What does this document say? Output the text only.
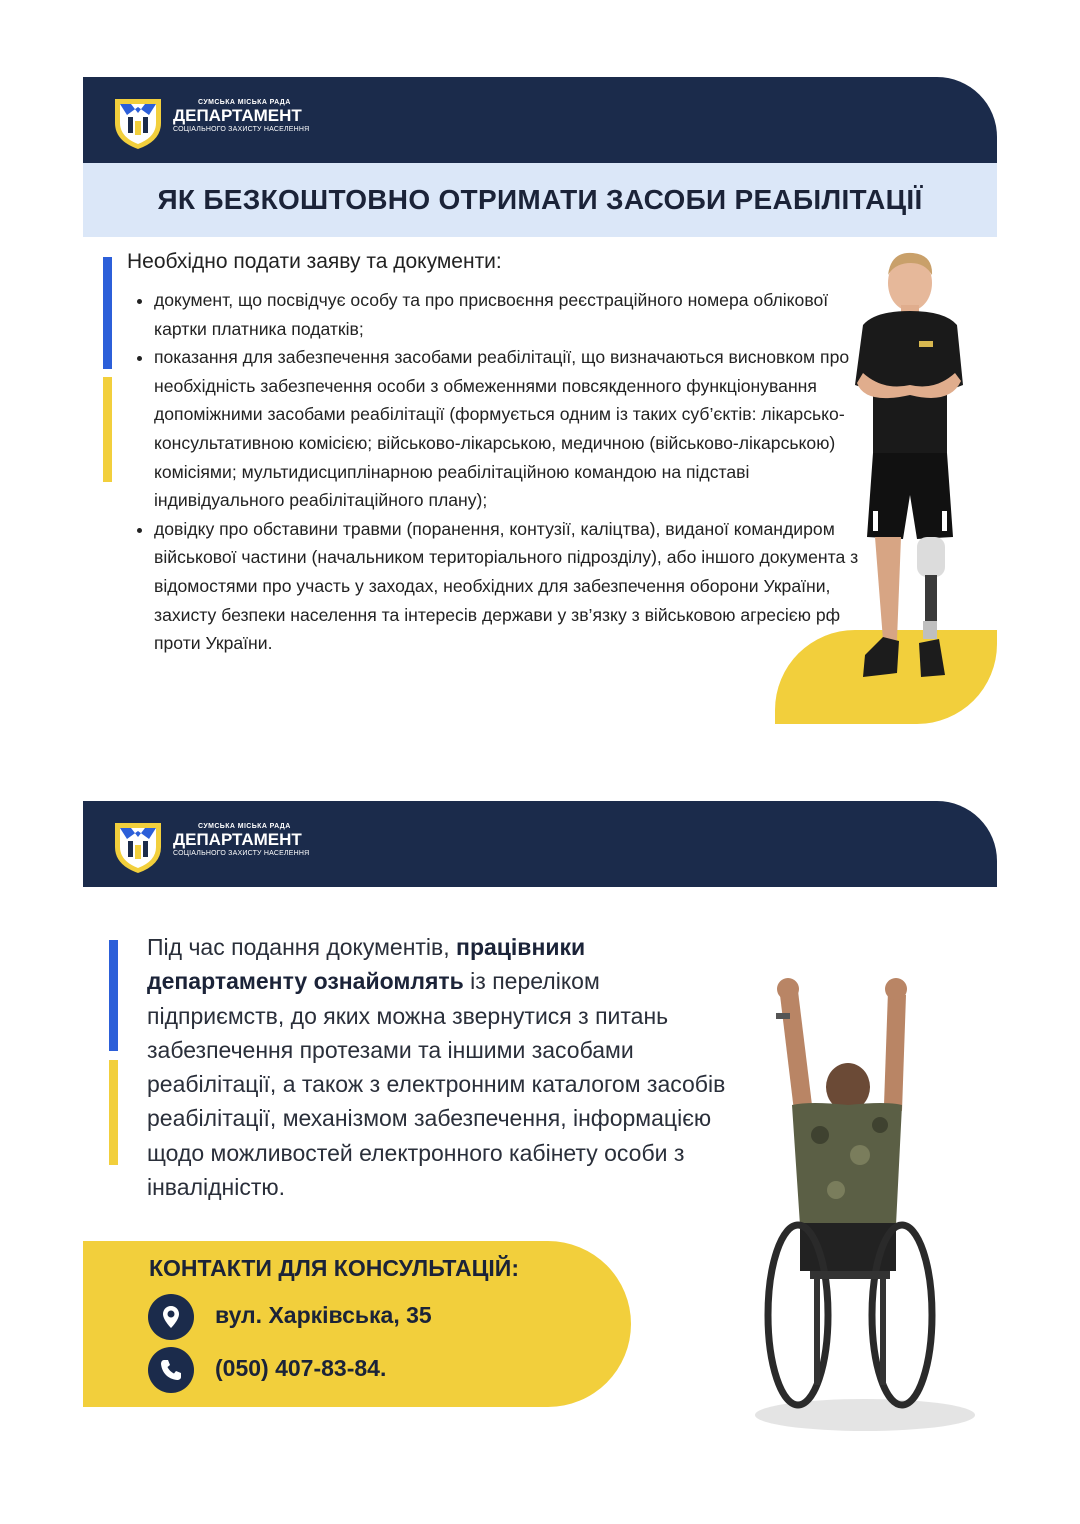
СУМСЬКА МІСЬКА РАДА
ДЕПАРТАМЕНТ
СОЦІАЛЬНОГО ЗАХИСТУ НАСЕЛЕННЯ
ЯК БЕЗКОШТОВНО ОТРИМАТИ ЗАСОБИ РЕАБІЛІТАЦІЇ

Необхідно подати заяву та документи:

• документ, що посвідчує особу та про присвоєння реєстраційного номера облікової картки платника податків;
• показання для забезпечення засобами реабілітації, що визначаються висновком про необхідність забезпечення особи з обмеженнями повсякденного функціонування допоміжними засобами реабілітації (формується одним із таких суб’єктів: лікарсько-консультативною комісією; військово-лікарською, медичною (військово-лікарською) комісіями; мультидисциплінарною реабілітаційною командою на підставі індивідуального реабілітаційного плану);
• довідку про обставини травми (поранення, контузії, каліцтва), виданої командиром військової частини (начальником територіального підрозділу), або іншого документа з відомостями про участь у заходах, необхідних для забезпечення оборони України, захисту безпеки населення та інтересів держави у зв’язку з військовою агресією рф проти України.
СУМСЬКА МІСЬКА РАДА
ДЕПАРТАМЕНТ
СОЦІАЛЬНОГО ЗАХИСТУ НАСЕЛЕННЯ

Під час подання документів, працівники департаменту ознайомлять із переліком підприємств, до яких можна звернутися з питань забезпечення протезами та іншими засобами реабілітації, а також з електронним каталогом засобів реабілітації, механізмом забезпечення, інформацією щодо можливостей електронного кабінету особи з інвалідністю.

КОНТАКТИ ДЛЯ КОНСУЛЬТАЦІЙ:
вул. Харківська, 35
(050) 407-83-84.
